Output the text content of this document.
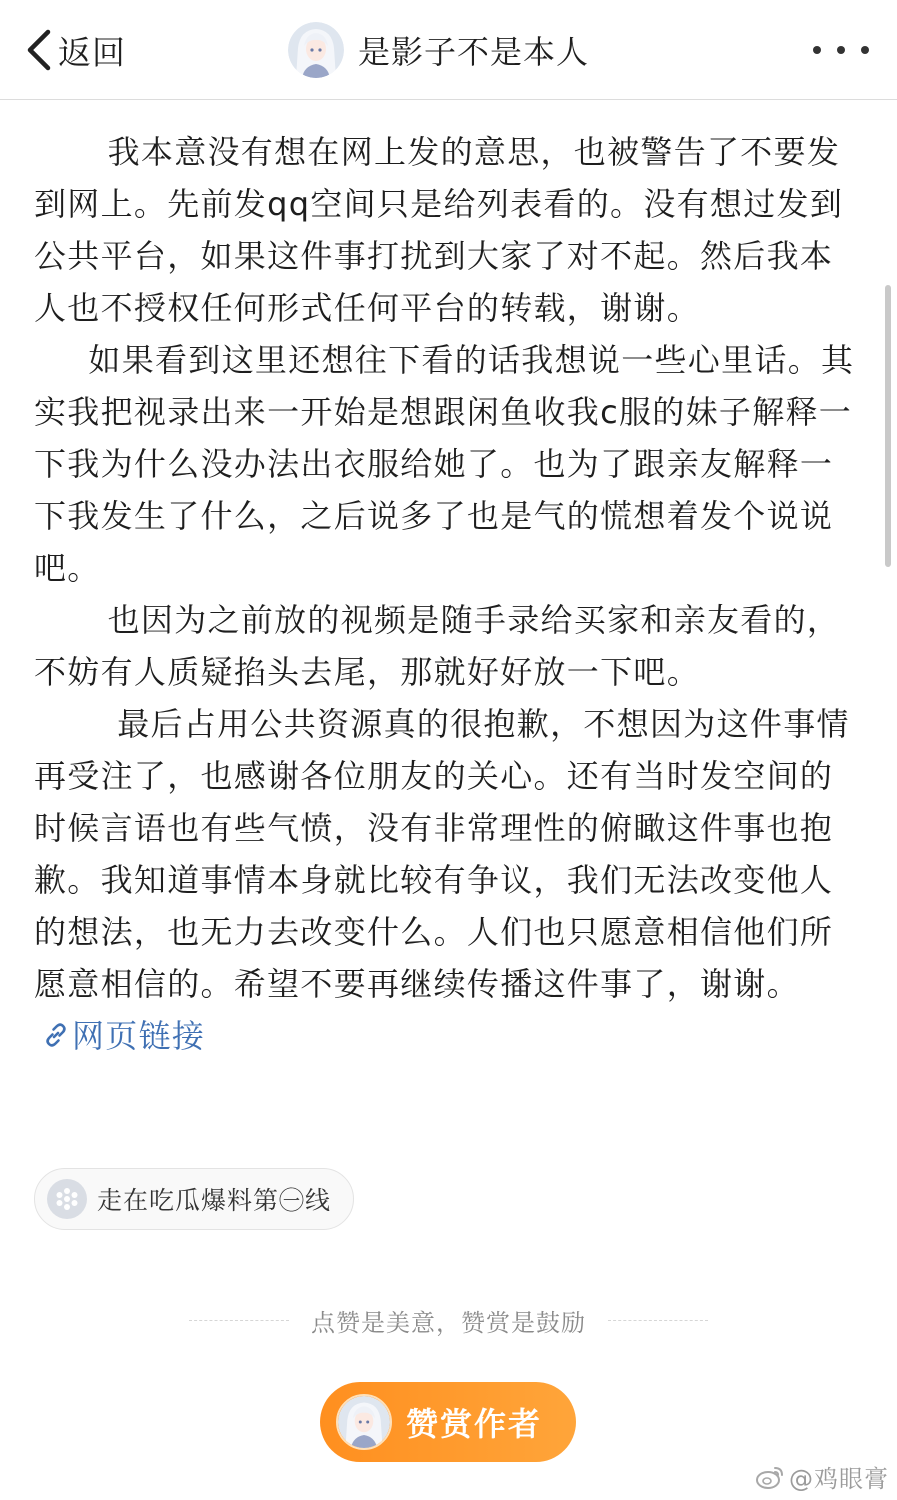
返回	是影子不是本人

我本意没有想在网上发的意思，也被警告了不要发到网上。先前发qq空间只是给列表看的。没有想过发到公共平台，如果这件事打扰到大家了对不起。然后我本人也不授权任何形式任何平台的转载，谢谢。

如果看到这里还想往下看的话我想说一些心里话。其实我把视录出来一开始是想跟闲鱼收我c服的妹子解释一下我为什么没办法出衣服给她了。也为了跟亲友解释一下我发生了什么，之后说多了也是气的慌想着发个说说吧。

也因为之前放的视频是随手录给买家和亲友看的，不妨有人质疑掐头去尾，那就好好放一下吧。

最后占用公共资源真的很抱歉，不想因为这件事情再受注了，也感谢各位朋友的关心。还有当时发空间的时候言语也有些气愤，没有非常理性的俯瞰这件事也抱歉。我知道事情本身就比较有争议，我们无法改变他人的想法，也无力去改变什么。人们也只愿意相信他们所愿意相信的。希望不要再继续传播这件事了，谢谢。网页链接

走在吃瓜爆料第㊀线
点赞是美意，赞赏是鼓励
赞赏作者
@鸡眼膏
